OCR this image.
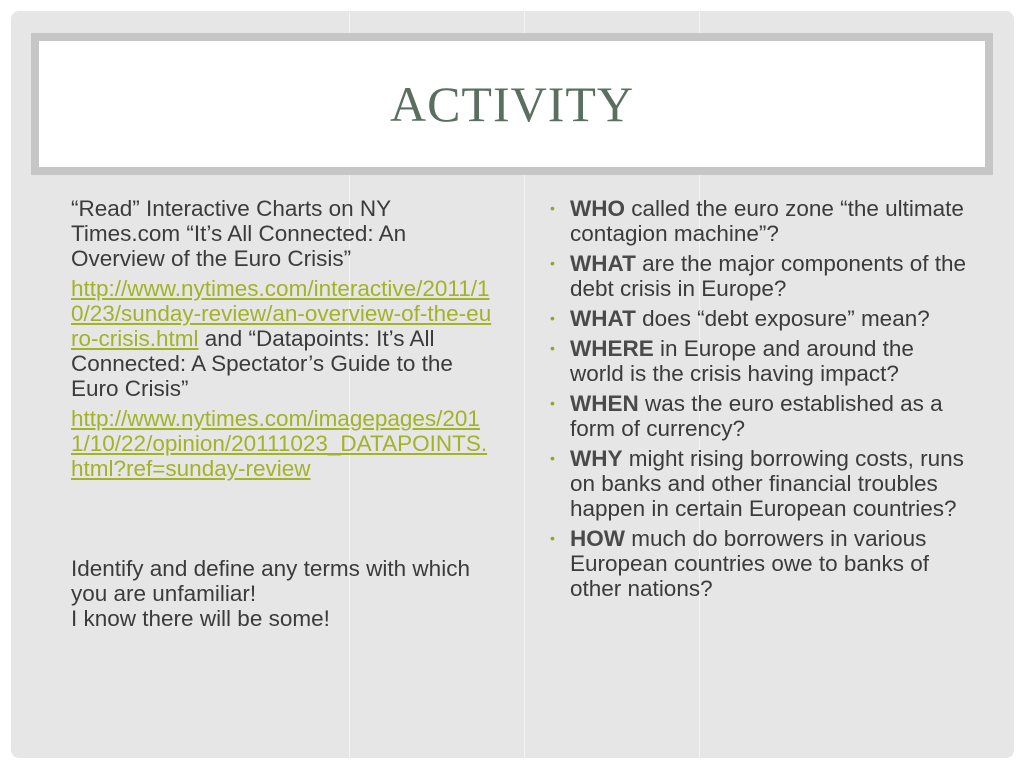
ACTIVITY

“Read” Interactive Charts on NY Times.com “It’s All Connected: An Overview of the Euro Crisis”

http://www.nytimes.com/interactive/2011/10/23/sunday-review/an-overview-of-the-euro-crisis.html and “Datapoints: It’s All Connected: A Spectator’s Guide to the Euro Crisis”

http://www.nytimes.com/imagepages/2011/10/22/opinion/20111023_DATAPOINTS.html?ref=sunday-review

Identify and define any terms with which you are unfamiliar!
I know there will be some!

• WHO called the euro zone “the ultimate contagion machine”?
• WHAT are the major components of the debt crisis in Europe?
• WHAT does “debt exposure” mean?
• WHERE in Europe and around the world is the crisis having impact?
• WHEN was the euro established as a form of currency?
• WHY might rising borrowing costs, runs on banks and other financial troubles happen in certain European countries?
• HOW much do borrowers in various European countries owe to banks of other nations?
